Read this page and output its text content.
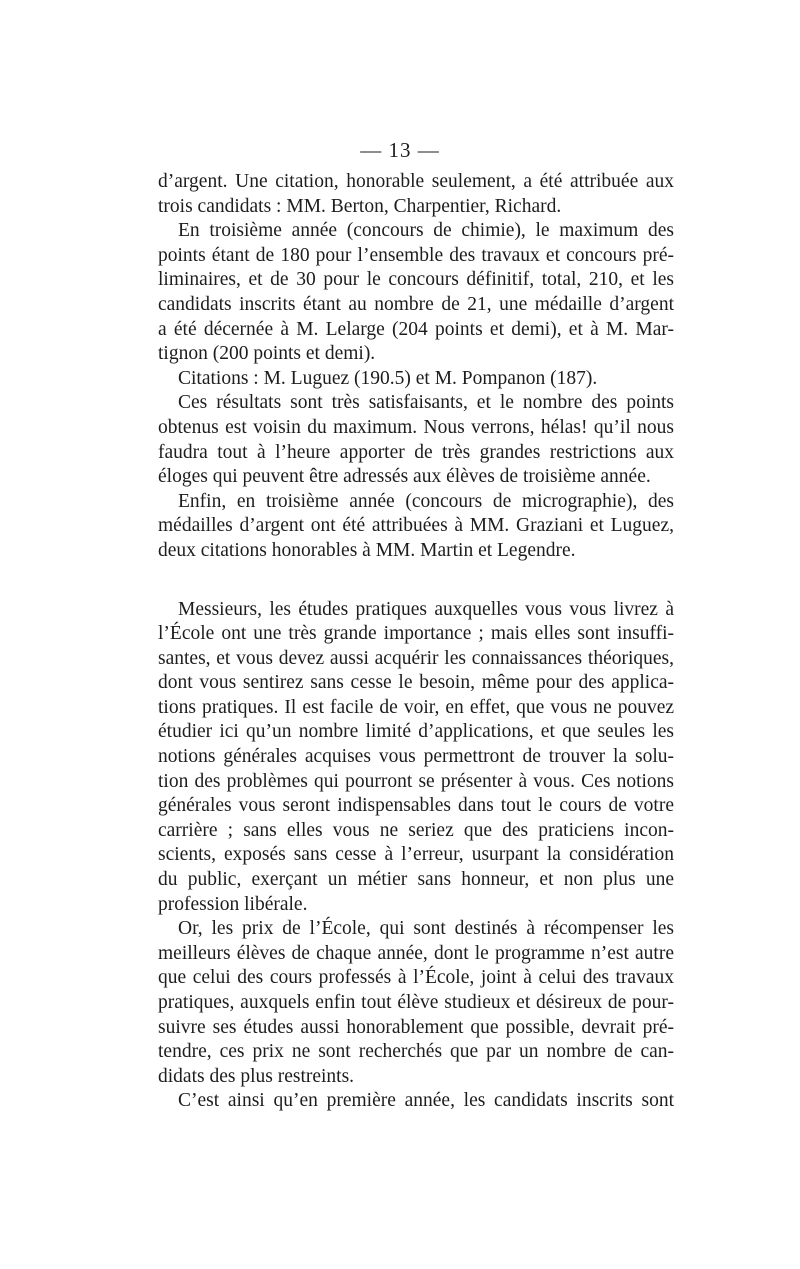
— 13 —

d’argent. Une citation, honorable seulement, a été attribuée aux
trois candidats : MM. Berton, Charpentier, Richard.

En troisième année (concours de chimie), le maximum des
points étant de 180 pour l’ensemble des travaux et concours pré-
liminaires, et de 30 pour le concours définitif, total, 210, et les
candidats inscrits étant au nombre de 21, une médaille d’argent
a été décernée à M. Lelarge (204 points et demi), et à M. Mar-
tignon (200 points et demi).

Citations : M. Luguez (190.5) et M. Pompanon (187).

Ces résultats sont très satisfaisants, et le nombre des points
obtenus est voisin du maximum. Nous verrons, hélas! qu’il nous
faudra tout à l’heure apporter de très grandes restrictions aux
éloges qui peuvent être adressés aux élèves de troisième année.

Enfin, en troisième année (concours de micrographie), des
médailles d’argent ont été attribuées à MM. Graziani et Luguez,
deux citations honorables à MM. Martin et Legendre.

Messieurs, les études pratiques auxquelles vous vous livrez à
l’École ont une très grande importance ; mais elles sont insuffi-
santes, et vous devez aussi acquérir les connaissances théoriques,
dont vous sentirez sans cesse le besoin, même pour des applica-
tions pratiques. Il est facile de voir, en effet, que vous ne pouvez
étudier ici qu’un nombre limité d’applications, et que seules les
notions générales acquises vous permettront de trouver la solu-
tion des problèmes qui pourront se présenter à vous. Ces notions
générales vous seront indispensables dans tout le cours de votre
carrière ; sans elles vous ne seriez que des praticiens incon-
scients, exposés sans cesse à l’erreur, usurpant la considération
du public, exerçant un métier sans honneur, et non plus une
profession libérale.

Or, les prix de l’École, qui sont destinés à récompenser les
meilleurs élèves de chaque année, dont le programme n’est autre
que celui des cours professés à l’École, joint à celui des travaux
pratiques, auxquels enfin tout élève studieux et désireux de pour-
suivre ses études aussi honorablement que possible, devrait pré-
tendre, ces prix ne sont recherchés que par un nombre de can-
didats des plus restreints.

C’est ainsi qu’en première année, les candidats inscrits sont
